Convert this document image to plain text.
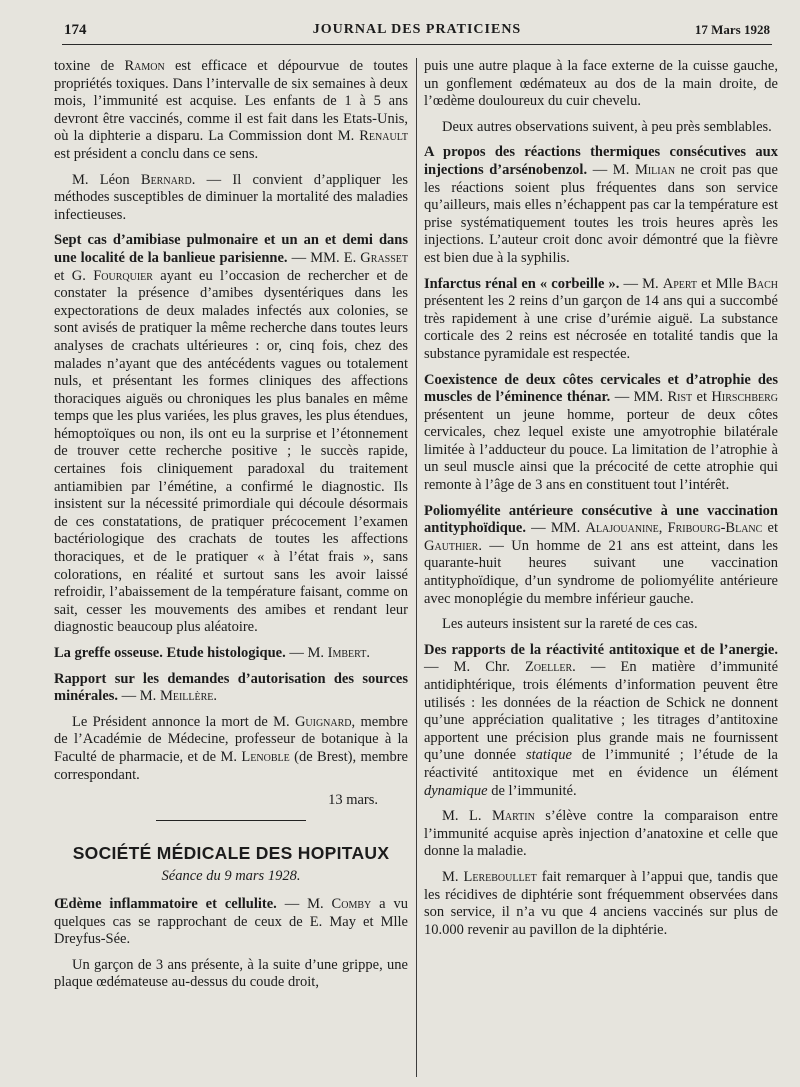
174	JOURNAL DES PRATICIENS	17 Mars 1928

toxine de Ramon est efficace et dépourvue de toutes propriétés toxiques. Dans l’intervalle de six semaines à deux mois, l’immunité est acquise. Les enfants de 1 à 5 ans devront être vaccinés, comme il est fait dans les Etats-Unis, où la diphterie a disparu. La Commission dont M. Renault est président a conclu dans ce sens.

M. Léon Bernard. — Il convient d’appliquer les méthodes susceptibles de diminuer la mortalité des maladies infectieuses.

Sept cas d’amibiase pulmonaire et un an et demi dans une localité de la banlieue parisienne. — MM. E. Grasset et G. Fourquier ayant eu l’occasion de rechercher et de constater la présence d’amibes dysentériques dans les expectorations de deux malades infectés aux colonies, se sont avisés de pratiquer la même recherche dans toutes leurs analyses de crachats ultérieures : or, cinq fois, chez des malades n’ayant que des antécédents vagues ou totalement nuls, et présentant les formes cliniques des affections thoraciques aiguës ou chroniques les plus banales en même temps que les plus variées, les plus graves, les plus étendues, hémoptoïques ou non, ils ont eu la surprise et l’étonnement de trouver cette recherche positive ; le succès rapide, certaines fois cliniquement paradoxal du traitement antiamibien par l’émétine, a confirmé le diagnostic. Ils insistent sur la nécessité primordiale qui découle désormais de ces constatations, de pratiquer précocement l’examen bactériologique des crachats de toutes les affections thoraciques, et de le pratiquer « à l’état frais », sans colorations, en réalité et surtout sans les avoir laissé refroidir, l’abaissement de la température faisant, comme on sait, cesser les mouvements des amibes et rendant leur diagnostic beaucoup plus aléatoire.

La greffe osseuse. Etude histologique. — M. Imbert.

Rapport sur les demandes d’autorisation des sources minérales. — M. Meillère.

Le Président annonce la mort de M. Guignard, membre de l’Académie de Médecine, professeur de botanique à la Faculté de pharmacie, et de M. Lenoble (de Brest), membre correspondant.

13 mars.
SOCIÉTÉ MÉDICALE DES HOPITAUX
Séance du 9 mars 1928.

Œdème inflammatoire et cellulite. — M. Comby a vu quelques cas se rapprochant de ceux de E. May et Mlle Dreyfus-Sée.

Un garçon de 3 ans présente, à la suite d’une grippe, une plaque œdémateuse au-dessus du coude droit,

puis une autre plaque à la face externe de la cuisse gauche, un gonflement œdémateux au dos de la main droite, de l’œdème douloureux du cuir chevelu.

Deux autres observations suivent, à peu près semblables.

A propos des réactions thermiques consécutives aux injections d’arsénobenzol. — M. Milian ne croit pas que les réactions soient plus fréquentes dans son service qu’ailleurs, mais elles n’échappent pas car la température est prise systématiquement toutes les trois heures après les injections. L’auteur croit donc avoir démontré que la fièvre est bien due à la syphilis.

Infarctus rénal en « corbeille ». — M. Apert et Mlle Bach présentent les 2 reins d’un garçon de 14 ans qui a succombé très rapidement à une crise d’urémie aiguë. La substance corticale des 2 reins est nécrosée en totalité tandis que la substance pyramidale est respectée.

Coexistence de deux côtes cervicales et d’atrophie des muscles de l’éminence thénar. — MM. Rist et Hirschberg présentent un jeune homme, porteur de deux côtes cervicales, chez lequel existe une amyotrophie bilatérale limitée à l’adducteur du pouce. La limitation de l’atrophie à un seul muscle ainsi que la précocité de cette atrophie qui remonte à l’âge de 3 ans en constituent tout l’intérêt.

Poliomyélite antérieure consécutive à une vaccination antityphoïdique. — MM. Alajouanine, Fribourg-Blanc et Gauthier. — Un homme de 21 ans est atteint, dans les quarante-huit heures suivant une vaccination antityphoïdique, d’un syndrome de poliomyélite antérieure avec monoplégie du membre inférieur gauche.

Les auteurs insistent sur la rareté de ces cas.

Des rapports de la réactivité antitoxique et de l’anergie. — M. Chr. Zoeller. — En matière d’immunité antidiphtérique, trois éléments d’information peuvent être utilisés : les données de la réaction de Schick ne donnent qu’une appréciation qualitative ; les titrages d’antitoxine apportent une précision plus grande mais ne fournissent qu’une donnée statique de l’immunité ; l’étude de la réactivité antitoxique met en évidence un élément dynamique de l’immunité.

M. L. Martin s’élève contre la comparaison entre l’immunité acquise après injection d’anatoxine et celle que donne la maladie.

M. Lereboullet fait remarquer à l’appui que, tandis que les récidives de diphtérie sont fréquemment observées dans son service, il n’a vu que 4 anciens vaccinés sur plus de 10.000 revenir au pavillon de la diphtérie.
